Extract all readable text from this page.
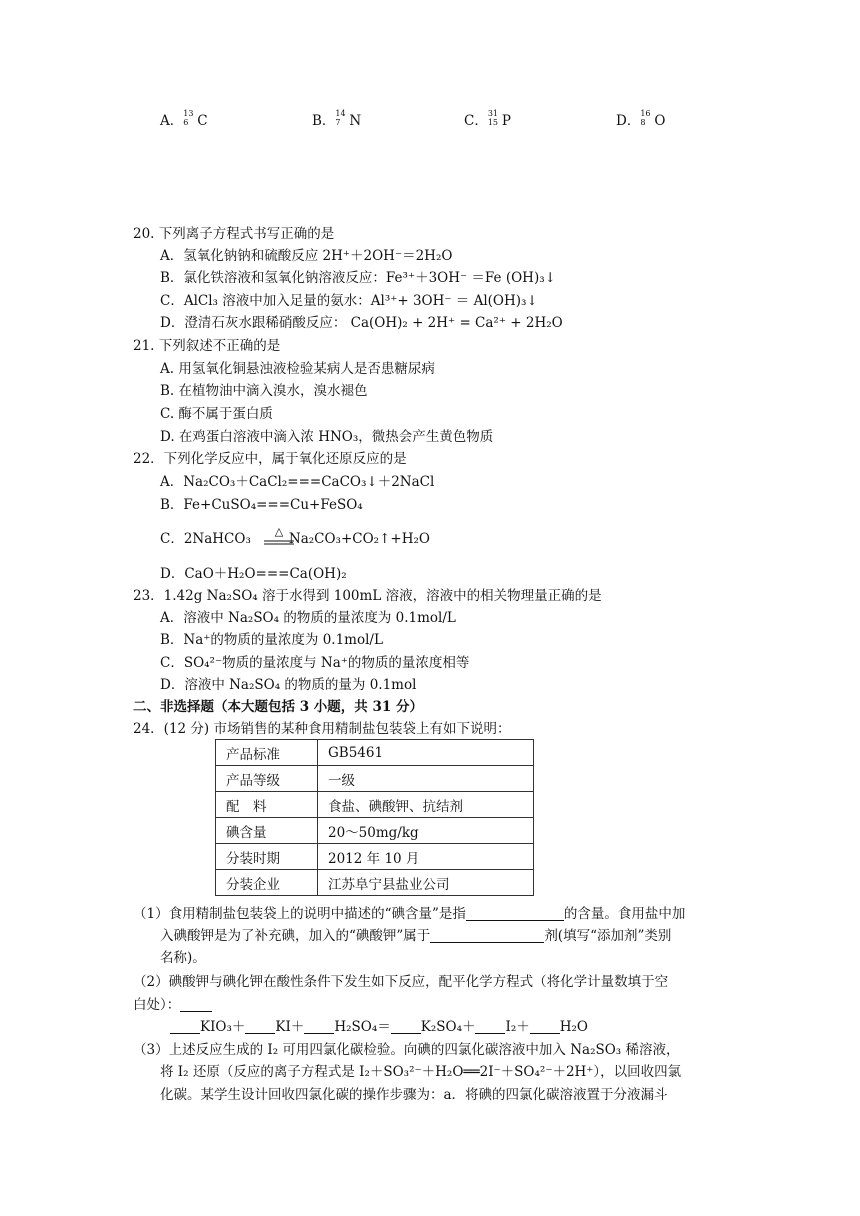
A． 13
6 C	B． 14
7 N	C． 31
15 P	D． 16
8 O
20. 下列离子方程式书写正确的是
A．氢氧化钠钠和硫酸反应 2H⁺＋2OH⁻＝2H₂O
B．氯化铁溶液和氢氧化钠溶液反应：Fe³⁺＋3OH⁻ ＝Fe (OH)₃↓
C．AlCl₃ 溶液中加入足量的氨水：Al³⁺+ 3OH⁻ ＝ Al(OH)₃↓
D．澄清石灰水跟稀硝酸反应： Ca(OH)₂ + 2H⁺ = Ca²⁺ + 2H₂O
21. 下列叙述不正确的是
A. 用氢氧化铜悬浊液检验某病人是否患糖尿病
B. 在植物油中滴入溴水，溴水褪色
C. 酶不属于蛋白质
D. 在鸡蛋白溶液中滴入浓 HNO₃，微热会产生黄色物质
22．下列化学反应中，属于氧化还原反应的是
A．Na₂CO₃＋CaCl₂===CaCO₃↓＋2NaCl
B．Fe+CuSO₄===Cu+FeSO₄
C．2NaHCO₃	Na₂CO₃+CO₂↑+H₂O
△
D．CaO＋H₂O===Ca(OH)₂
23．1.42g Na₂SO₄ 溶于水得到 100mL 溶液，溶液中的相关物理量正确的是
A．溶液中 Na₂SO₄ 的物质的量浓度为 0.1mol/L
B．Na⁺的物质的量浓度为 0.1mol/L
C．SO₄²⁻物质的量浓度与 Na⁺的物质的量浓度相等
D．溶液中 Na₂SO₄ 的物质的量为 0.1mol
二、非选择题（本大题包括 3 小题，共 31 分）
24．(12 分) 市场销售的某种食用精制盐包装袋上有如下说明：
产品标准	GB5461
产品等级	一级
配　料	食盐、碘酸钾、抗结剂
碘含量	20～50mg/kg
分装时期	2012 年 10 月
分装企业	江苏阜宁县盐业公司
（1）食用精制盐包装袋上的说明中描述的“碘含量”是指	的含量。食用盐中加
入碘酸钾是为了补充碘，加入的“碘酸钾”属于	剂(填写“添加剂”类别
名称)。
（2）碘酸钾与碘化钾在酸性条件下发生如下反应，配平化学方程式（将化学计量数填于空
白处）：
KIO₃＋ KI＋ H₂SO₄＝ K₂SO₄＋ I₂＋ H₂O
（3）上述反应生成的 I₂ 可用四氯化碳检验。向碘的四氯化碳溶液中加入 Na₂SO₃ 稀溶液，
将 I₂ 还原（反应的离子方程式是 I₂＋SO₃²⁻＋H₂O══2I⁻＋SO₄²⁻＋2H⁺），以回收四氯
化碳。某学生设计回收四氯化碳的操作步骤为：a．将碘的四氯化碳溶液置于分液漏斗
